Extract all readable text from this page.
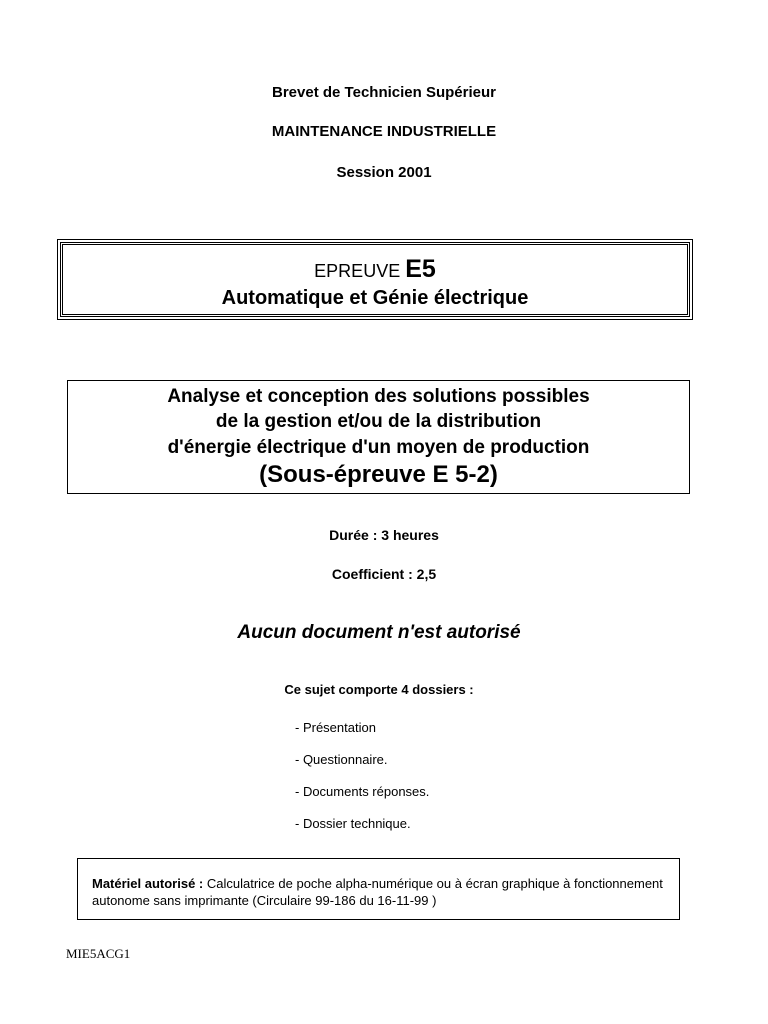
Brevet de Technicien Supérieur
MAINTENANCE INDUSTRIELLE
Session 2001
EPREUVE E5
Automatique et Génie électrique
Analyse et conception des solutions possibles
de la gestion et/ou de la distribution
d'énergie électrique d'un moyen de production
(Sous-épreuve E 5-2)
Durée : 3 heures
Coefficient : 2,5
Aucun document n'est autorisé
Ce sujet comporte 4 dossiers :
- Présentation
- Questionnaire.
- Documents réponses.
- Dossier technique.
Matériel autorisé : Calculatrice de poche alpha-numérique ou à écran graphique à fonctionnement autonome sans imprimante (Circulaire 99-186 du 16-11-99 )
MIE5ACG1
